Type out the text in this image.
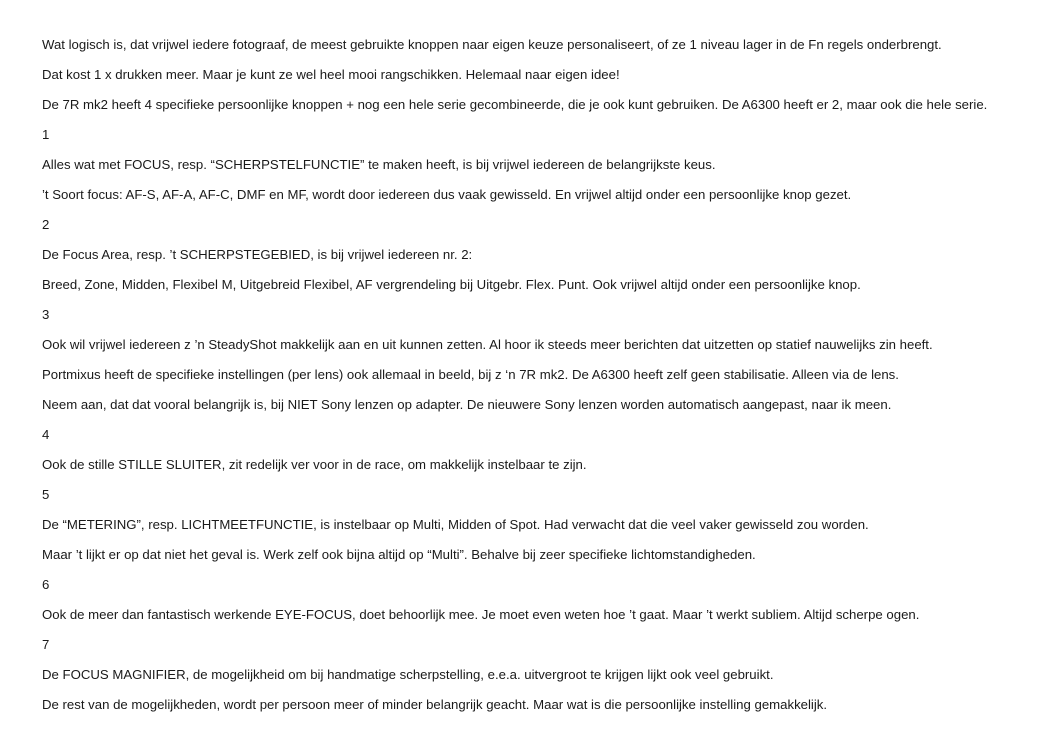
Wat logisch is, dat vrijwel iedere fotograaf, de meest gebruikte knoppen naar eigen keuze personaliseert, of ze 1 niveau lager in de Fn regels onderbrengt.
Dat kost 1 x drukken meer. Maar je kunt ze wel heel mooi rangschikken. Helemaal naar eigen idee!
De 7R mk2 heeft 4 specifieke persoonlijke knoppen + nog een hele serie gecombineerde, die je ook kunt gebruiken. De A6300 heeft er 2, maar ook die hele serie.
1
Alles wat met FOCUS, resp. “SCHERPSTELFUNCTIE” te maken heeft, is bij vrijwel iedereen de belangrijkste keus.
’t Soort focus: AF-S, AF-A, AF-C, DMF en MF, wordt door iedereen dus vaak gewisseld. En vrijwel altijd onder een persoonlijke knop gezet.
2
De Focus Area, resp. ’t SCHERPSTEGEBIED, is bij vrijwel iedereen nr. 2:
Breed, Zone, Midden, Flexibel M, Uitgebreid Flexibel, AF vergrendeling bij Uitgebr. Flex. Punt. Ook vrijwel altijd onder een persoonlijke knop.
3
Ook wil vrijwel iedereen z ’n SteadyShot makkelijk aan en uit kunnen zetten. Al hoor ik steeds meer berichten dat uitzetten op statief nauwelijks zin heeft.
Portmixus heeft de specifieke instellingen (per lens) ook allemaal in beeld, bij z ‘n 7R mk2. De A6300 heeft zelf geen stabilisatie. Alleen via de lens.
Neem aan, dat dat vooral belangrijk is, bij NIET Sony lenzen op adapter. De nieuwere Sony lenzen worden automatisch aangepast, naar ik meen.
4
Ook de stille STILLE SLUITER, zit redelijk ver voor in de race, om makkelijk instelbaar te zijn.
5
De “METERING”, resp. LICHTMEETFUNCTIE, is instelbaar op Multi, Midden of Spot. Had verwacht dat die veel vaker gewisseld zou worden.
Maar ’t lijkt er op dat niet het geval is. Werk zelf ook bijna altijd op “Multi”. Behalve bij zeer specifieke lichtomstandigheden.
6
Ook de meer dan fantastisch werkende EYE-FOCUS, doet behoorlijk mee. Je moet even weten hoe ’t gaat. Maar ’t werkt subliem. Altijd scherpe ogen.
7
De FOCUS MAGNIFIER, de mogelijkheid om bij handmatige scherpstelling, e.e.a. uitvergroot te krijgen lijkt ook veel gebruikt.
De rest van de mogelijkheden, wordt per persoon meer of minder belangrijk geacht. Maar wat is die persoonlijke instelling gemakkelijk.
